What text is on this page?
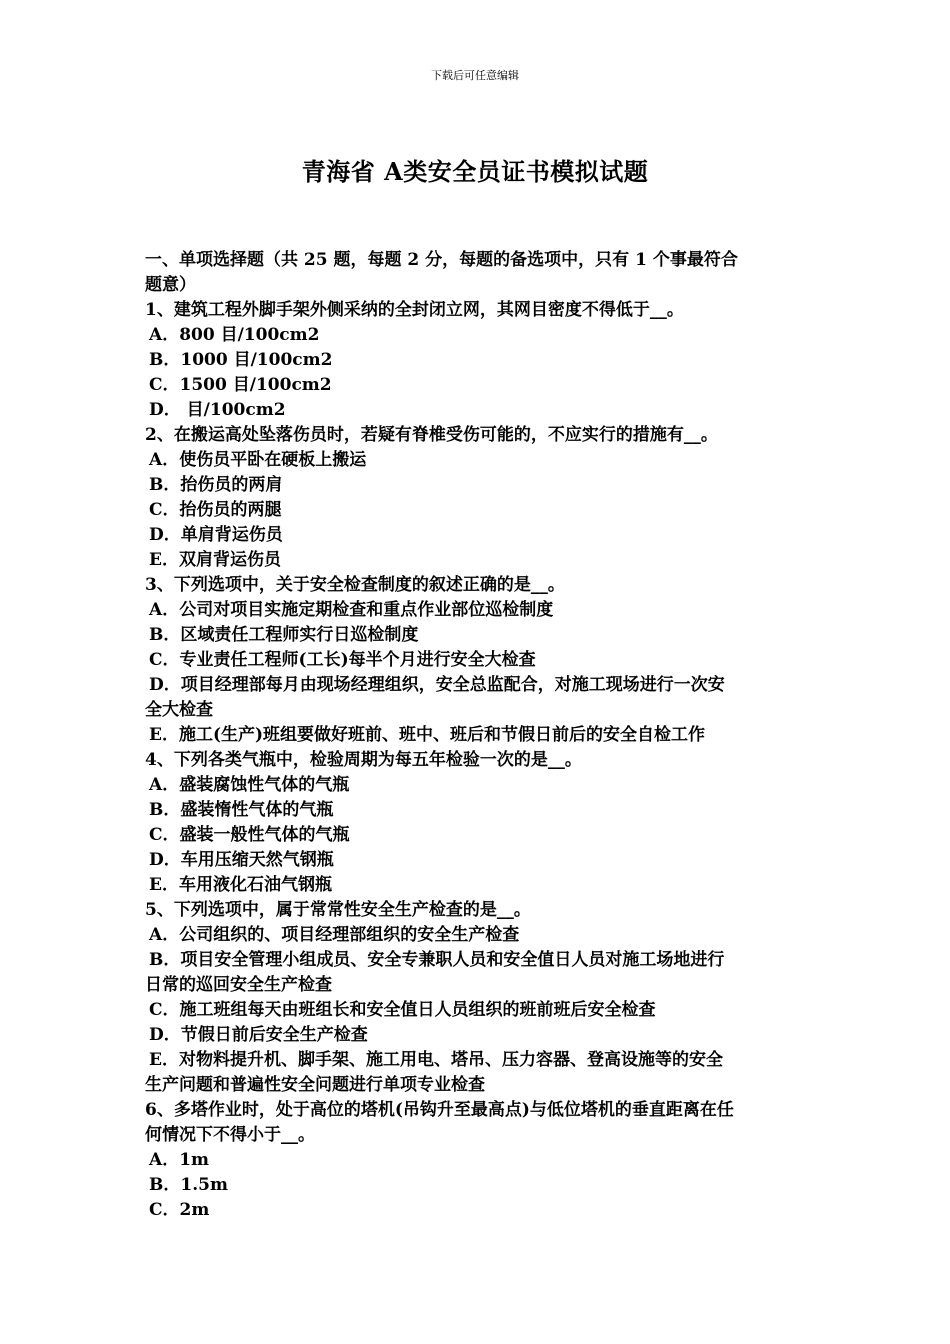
下载后可任意编辑
青海省 A类安全员证书模拟试题

一、单项选择题（共 25 题，每题 2 分，每题的备选项中，只有 1 个事最符合

题意）

1、建筑工程外脚手架外侧采纳的全封闭立网，其网目密度不得低于__。

A．800 目/100cm2

B．1000 目/100cm2

C．1500 目/100cm2

D． 目/100cm2

2、在搬运高处坠落伤员时，若疑有脊椎受伤可能的，不应实行的措施有__。

A．使伤员平卧在硬板上搬运

B．抬伤员的两肩

C．抬伤员的两腿

D．单肩背运伤员

E．双肩背运伤员

3、下列选项中，关于安全检查制度的叙述正确的是__。

A．公司对项目实施定期检查和重点作业部位巡检制度

B．区域责任工程师实行日巡检制度

C．专业责任工程师(工长)每半个月进行安全大检查

D．项目经理部每月由现场经理组织，安全总监配合，对施工现场进行一次安

全大检查

E．施工(生产)班组要做好班前、班中、班后和节假日前后的安全自检工作

4、下列各类气瓶中，检验周期为每五年检验一次的是__。

A．盛装腐蚀性气体的气瓶

B．盛装惰性气体的气瓶

C．盛装一般性气体的气瓶

D．车用压缩天然气钢瓶

E．车用液化石油气钢瓶

5、下列选项中，属于常常性安全生产检查的是__。

A．公司组织的、项目经理部组织的安全生产检查

B．项目安全管理小组成员、安全专兼职人员和安全值日人员对施工场地进行

日常的巡回安全生产检查

C．施工班组每天由班组长和安全值日人员组织的班前班后安全检查

D．节假日前后安全生产检查

E．对物料提升机、脚手架、施工用电、塔吊、压力容器、登高设施等的安全

生产问题和普遍性安全问题进行单项专业检查

6、多塔作业时，处于高位的塔机(吊钩升至最高点)与低位塔机的垂直距离在任

何情况下不得小于__。

A．1m

B．1.5m

C．2m
